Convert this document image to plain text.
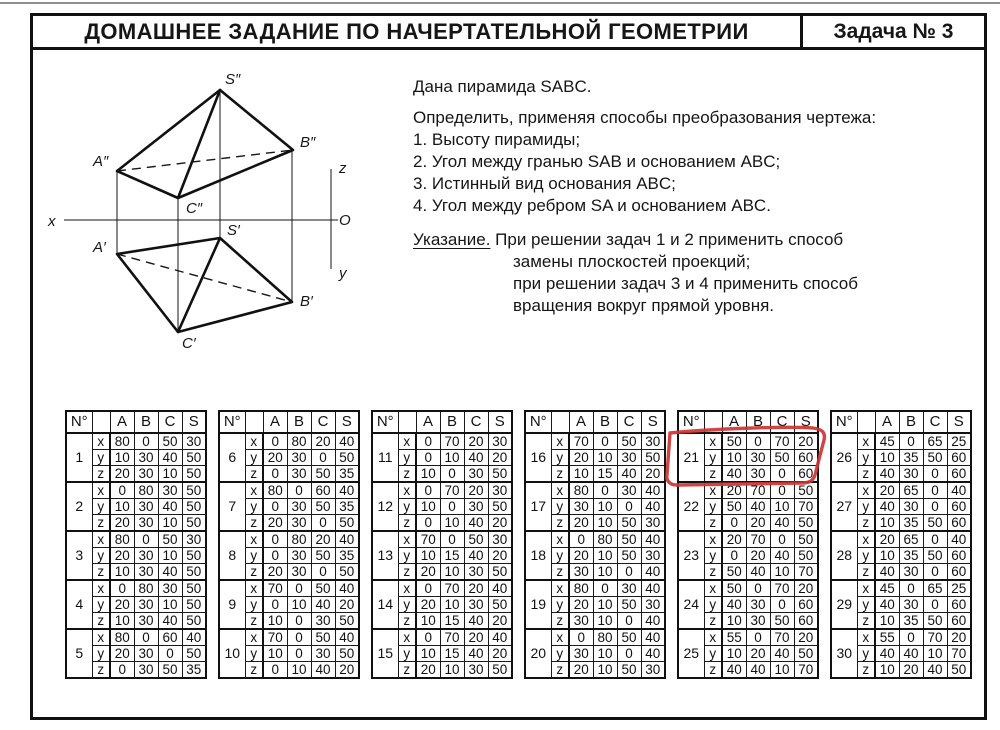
ДОМАШНЕЕ ЗАДАНИЕ ПО НАЧЕРТАТЕЛЬНОЙ ГЕОМЕТРИИ	Задача № 3
S″
B″
A″
C″
x
z
O
y
S′
A′
B′
C′
Дана пирамида SABC.
Определить, применяя способы преобразования чертежа:
1. Высоту пирамиды;
2. Угол между гранью SAB и основанием ABC;
3. Истинный вид основания ABC;
4. Угол между ребром SA и основанием ABC.
Указание. При решении задач 1 и 2 применить способ
замены плоскостей проекций;
при решении задач 3 и 4 применить способ
вращения вокруг прямой уровня.
N°		A	B	C	S
1	x	80	0	50	30
	y	10	30	40	50
	z	20	30	10	50
2	x	0	80	30	50
	y	10	30	40	50
	z	20	30	10	50
3	x	80	0	50	30
	y	20	30	10	50
	z	10	30	40	50
4	x	0	80	30	50
	y	20	30	10	50
	z	10	30	40	50
5	x	80	0	60	40
	y	20	30	0	50
	z	0	30	50	35
N°		A	B	C	S
6	x	0	80	20	40
	y	20	30	0	50
	z	0	30	50	35
7	x	80	0	60	40
	y	0	30	50	35
	z	20	30	0	50
8	x	0	80	20	40
	y	0	30	50	35
	z	20	30	0	50
9	x	70	0	50	40
	y	0	10	40	20
	z	10	0	30	50
10	x	70	0	50	40
	y	10	0	30	50
	z	0	10	40	20
N°		A	B	C	S
11	x	0	70	20	30
	y	0	10	40	20
	z	10	0	30	50
12	x	0	70	20	30
	y	10	0	30	50
	z	0	10	40	20
13	x	70	0	50	30
	y	10	15	40	20
	z	20	10	30	50
14	x	0	70	20	40
	y	20	10	30	50
	z	10	15	40	20
15	x	0	70	20	40
	y	10	15	40	20
	z	20	10	30	50
N°		A	B	C	S
16	x	70	0	50	30
	y	20	10	30	50
	z	10	15	40	20
17	x	80	0	30	40
	y	30	10	0	40
	z	20	10	50	30
18	x	0	80	50	40
	y	20	10	50	30
	z	30	10	0	40
19	x	80	0	30	40
	y	20	10	50	30
	z	30	10	0	40
20	x	0	80	50	40
	y	30	10	0	40
	z	20	10	50	30
N°		A	B	C	S
21	x	50	0	70	20
	y	10	30	50	60
	z	40	30	0	60
22	x	20	70	0	50
	y	50	40	10	70
	z	0	20	40	50
23	x	20	70	0	50
	y	0	20	40	50
	z	50	40	10	70
24	x	50	0	70	20
	y	40	30	0	60
	z	10	30	50	60
25	x	55	0	70	20
	y	10	20	40	50
	z	40	40	10	70
N°		A	B	C	S
26	x	45	0	65	25
	y	10	35	50	60
	z	40	30	0	60
27	x	20	65	0	40
	y	40	30	0	60
	z	10	35	50	60
28	x	20	65	0	40
	y	10	35	50	60
	z	40	30	0	60
29	x	45	0	65	25
	y	40	30	0	60
	z	10	35	50	60
30	x	55	0	70	20
	y	40	40	10	70
	z	10	20	40	50
